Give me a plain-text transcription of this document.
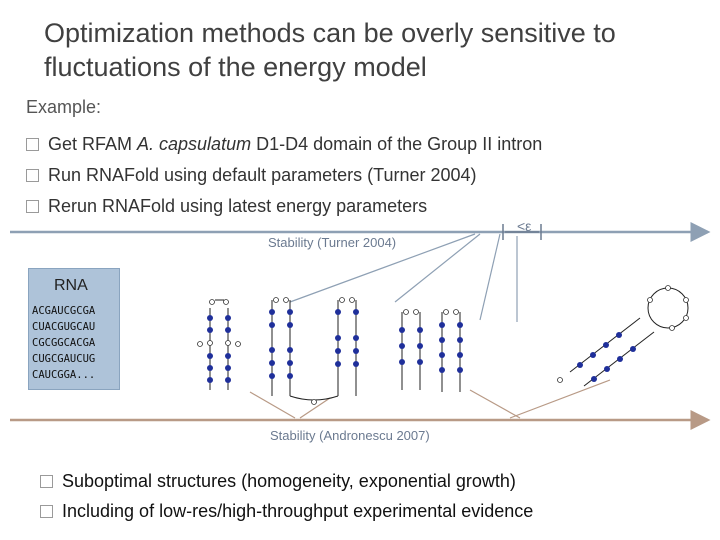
Optimization methods can be overly sensitive to fluctuations of the energy model
Example:
Get RFAM A. capsulatum D1-D4 domain of the Group II intron
Run RNAFold using default parameters (Turner 2004)
Rerun RNAFold using latest energy parameters
Stability (Turner 2004)
<ε
RNA
ACGAUCGCGA
CUACGUGCAU
CGCGGCACGA
CUGCGAUCUG
CAUCGGA...
Stability (Andronescu 2007)
Suboptimal structures (homogeneity, exponential growth)
Including of low-res/high-throughput experimental evidence
